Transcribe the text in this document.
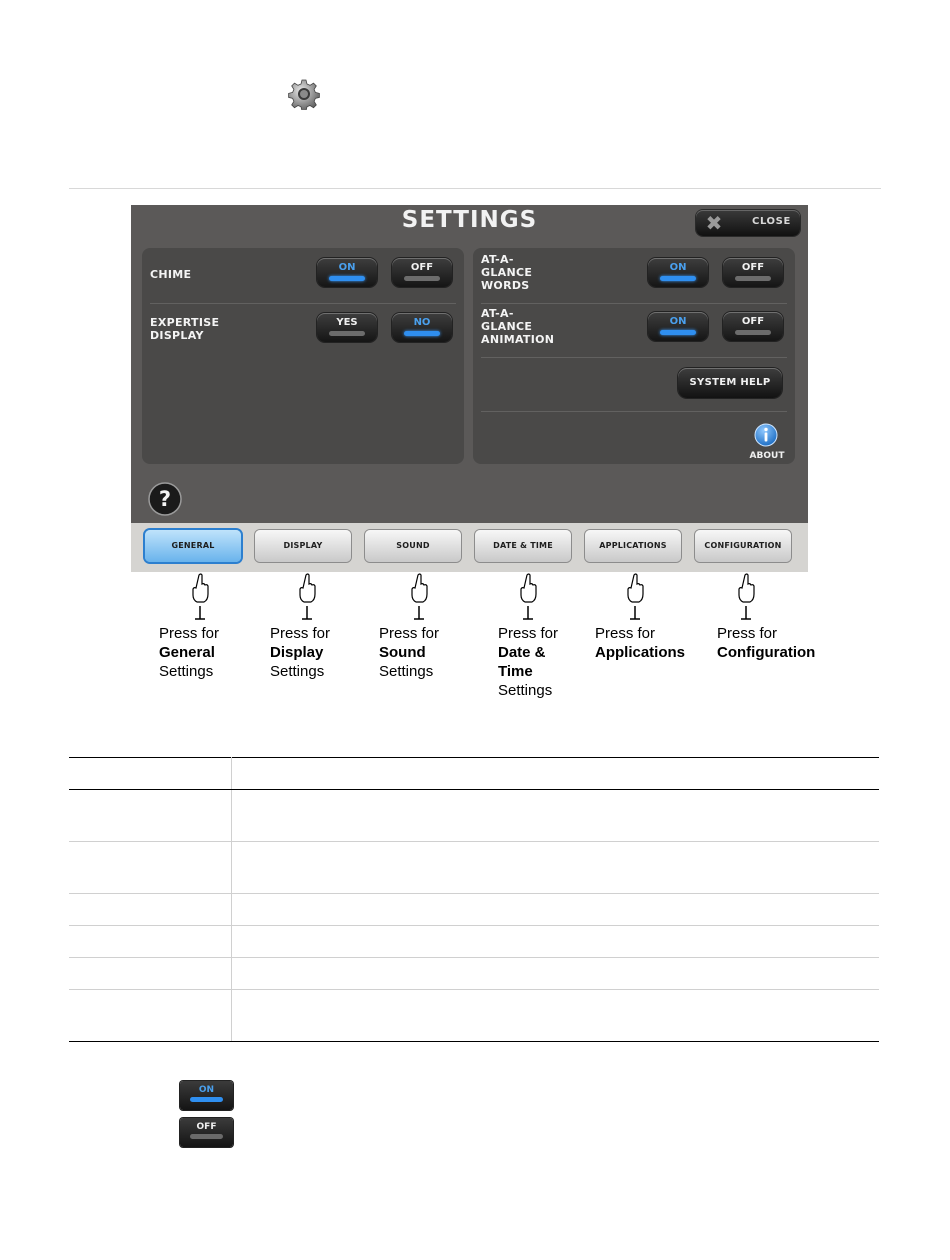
SETTINGS	✖	CLOSE
CHIME
ON	OFF
EXPERTISE
DISPLAY
YES	NO
AT-A-
GLANCE
WORDS
ON	OFF
AT-A-
GLANCE
ANIMATION
ON	OFF
SYSTEM HELP
ABOUT
?
GENERAL	DISPLAY	SOUND	DATE & TIME	APPLICATIONS	CONFIGURATION
Press for
General
Settings
Press for
Display
Settings
Press for
Sound
Settings
Press for
Date & Time
Settings
Press for
Applications
Press for
Configuration

ON
OFF
